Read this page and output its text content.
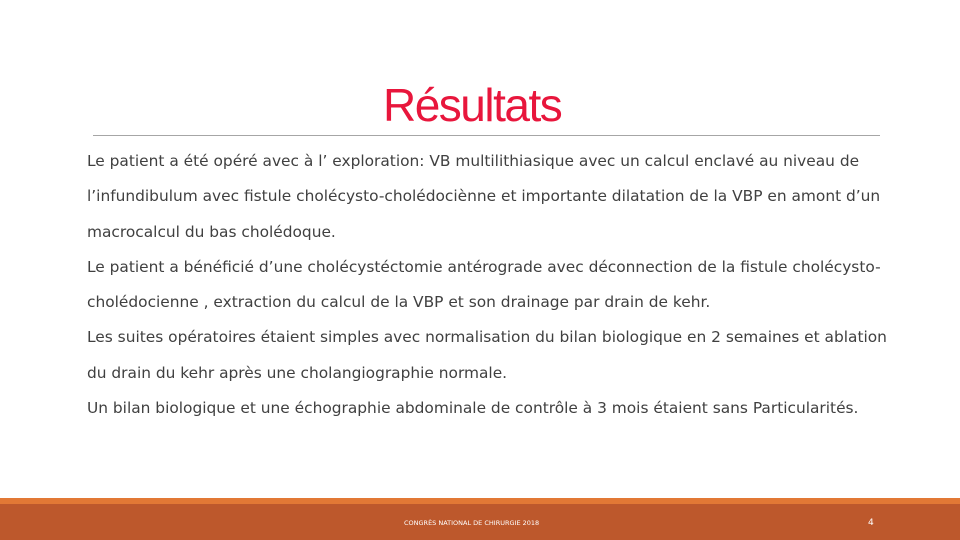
Résultats

Le patient a été opéré avec à l’ exploration: VB multilithiasique avec un calcul enclavé au niveau de l’infundibulum avec fistule cholécysto-cholédociènne et importante dilatation de la VBP en amont d’un macrocalcul du bas cholédoque.

Le patient a bénéficié d’une cholécystéctomie antérograde avec déconnection de la fistule cholécysto-cholédocienne , extraction du calcul de la VBP et son drainage par drain de kehr.

Les suites opératoires étaient simples avec normalisation du bilan biologique en 2 semaines et ablation du drain du kehr après une cholangiographie normale.

Un bilan biologique et une échographie abdominale de contrôle à 3 mois étaient sans Particularités.

CONGRÈS NATIONAL DE CHIRURGIE 2018	4
